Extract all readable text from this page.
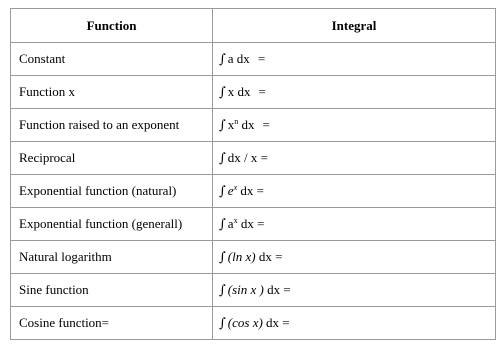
Function	Integral
Constant	∫ a dx =
Function x	∫ x dx =
Function raised to an exponent	∫ $x^n$ dx =
Reciprocal	∫ dx / x =
Exponential function (natural)	∫ $e^x$ dx =
Exponential function (generall)	∫ $a^x$ dx =
Natural logarithm	∫ (ln x) dx =
Sine function	∫ (sin x ) dx =
Cosine function=	∫ (cos x) dx =
